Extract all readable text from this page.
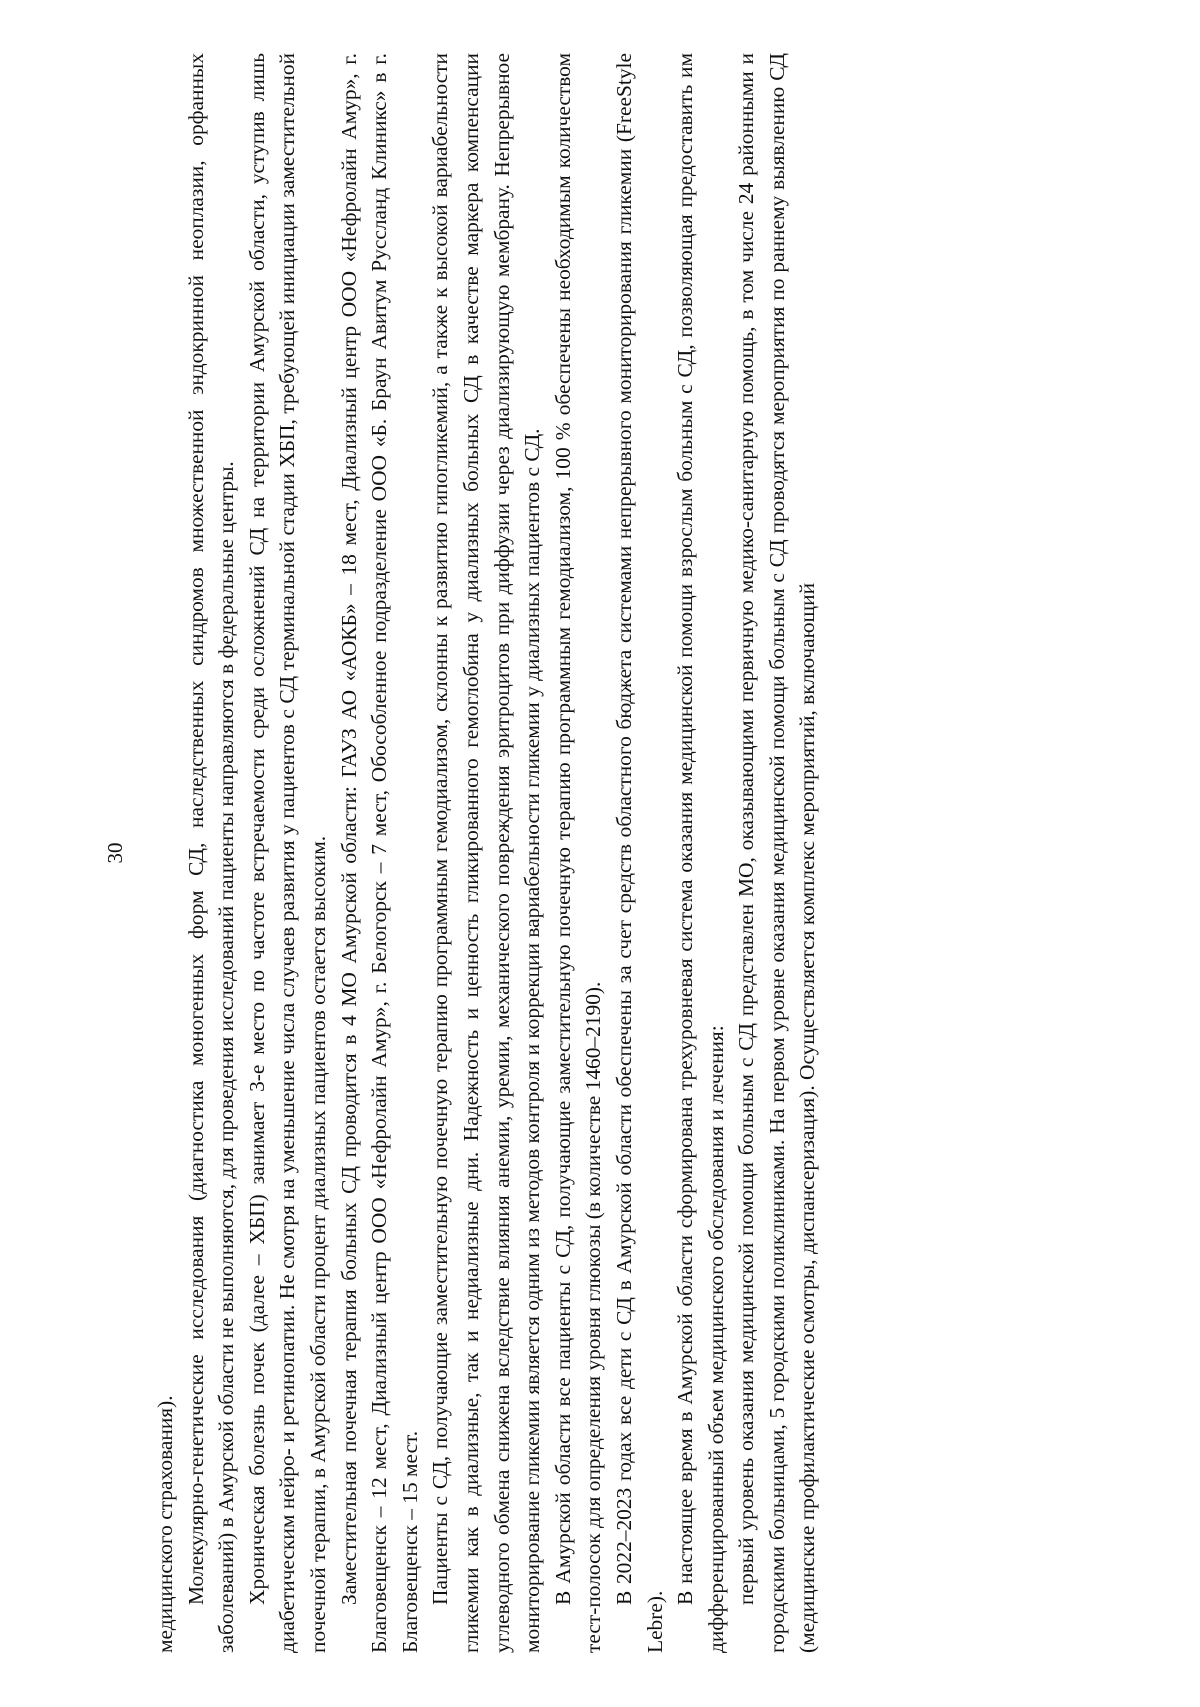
30

медицинского страхования). Молекулярно-генетические исследования (диагностика моногенных форм СД, наследственных синдромов множественной эндокринной неоплазии, орфанных заболеваний) в Амурской области не выполняются, для проведения исследований пациенты направляются в федеральные центры. Хроническая болезнь почек (далее – ХБП) занимает 3-е место по частоте встречаемости среди осложнений СД на территории Амурской области, уступив лишь диабетическим нейро- и ретинопатии. Не смотря на уменьшение числа случаев развития у пациентов с СД терминальной стадии ХБП, требующей инициации заместительной почечной терапии, в Амурской области процент диализных пациентов остается высоким. Заместительная почечная терапия больных СД проводится в 4 МО Амурской области: ГАУЗ АО «АОКБ» – 18 мест, Диализный центр ООО «Нефролайн Амур», г. Благовещенск – 12 мест, Диализный центр ООО «Нефролайн Амур», г. Белогорск – 7 мест, Обособленное подразделение ООО «Б. Браун Авитум Руссланд Клиникс» в г. Благовещенск – 15 мест. Пациенты с СД, получающие заместительную почечную терапию программным гемодиализом, склонны к развитию гипогликемий, а также к высокой вариабельности гликемии как в диализные, так и недиализные дни. Надежность и ценность гликированного гемоглобина у диализных больных СД в качестве маркера компенсации углеводного обмена снижена вследствие влияния анемии, уремии, механического повреждения эритроцитов при диффузии через диализирующую мембрану. Непрерывное мониторирование гликемии является одним из методов контроля и коррекции вариабельности гликемии у диализных пациентов с СД. В Амурской области все пациенты с СД, получающие заместительную почечную терапию программным гемодиализом, 100 % обеспечены необходимым количеством тест-полосок для определения уровня глюкозы (в количестве 1460–2190). В 2022–2023 годах все дети с СД в Амурской области обеспечены за счет средств областного бюджета системами непрерывного мониторирования гликемии (FreeStyle Lebre).

В настоящее время в Амурской области сформирована трехуровневая система оказания медицинской помощи взрослым больным с СД, позволяющая предоставить им дифференцированный объем медицинского обследования и лечения: первый уровень оказания медицинской помощи больным с СД представлен МО, оказывающими первичную медико-санитарную помощь, в том числе 24 районными и городскими больницами, 5 городскими поликлиниками. На первом уровне оказания медицинской помощи больным с СД проводятся мероприятия по раннему выявлению СД (медицинские профилактические осмотры, диспансеризация). Осуществляется комплекс мероприятий, включающий
